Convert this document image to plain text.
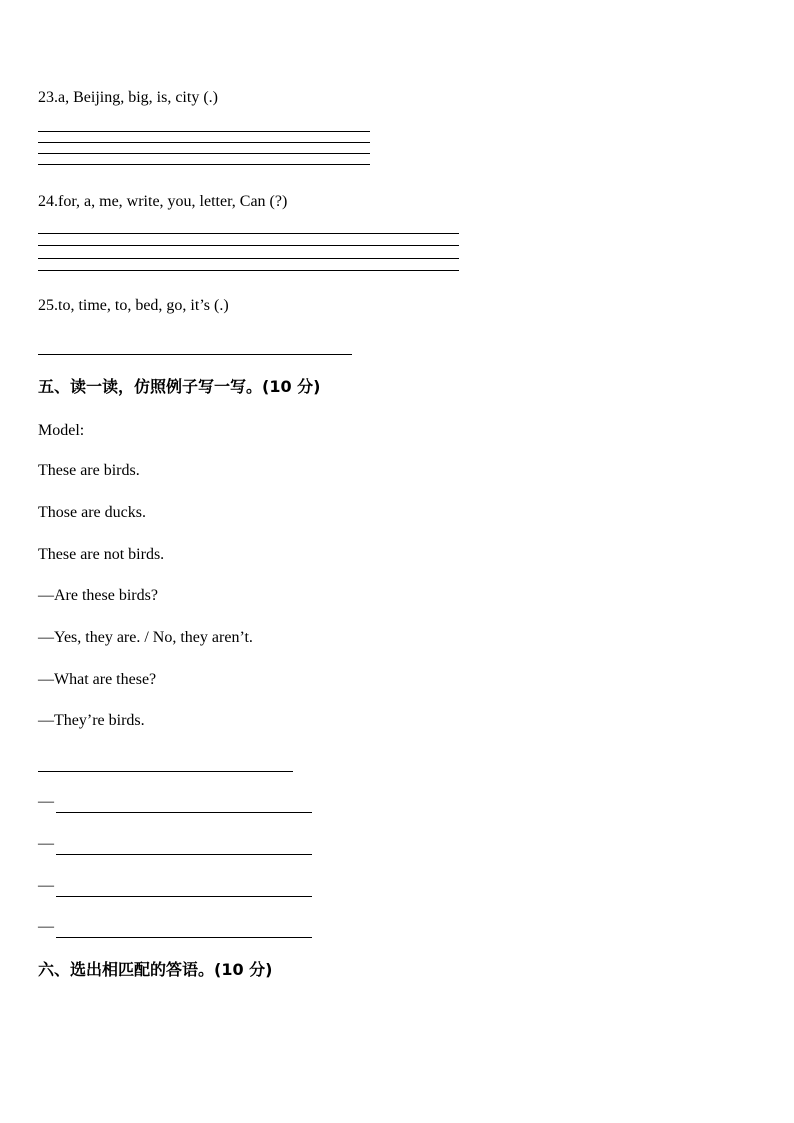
23.a, Beijing, big, is, city (.)
24.for, a, me, write, you, letter, Can (?)
25.to, time, to, bed, go, it’s (.)
五、读一读，仿照例子写一写。(10 分)
Model:
These are birds.
Those are ducks.
These are not birds.
—Are these birds?
—Yes, they are. / No, they aren’t.
—What are these?
—They’re birds.
—
—
—
—
六、选出相匹配的答语。(10 分)
